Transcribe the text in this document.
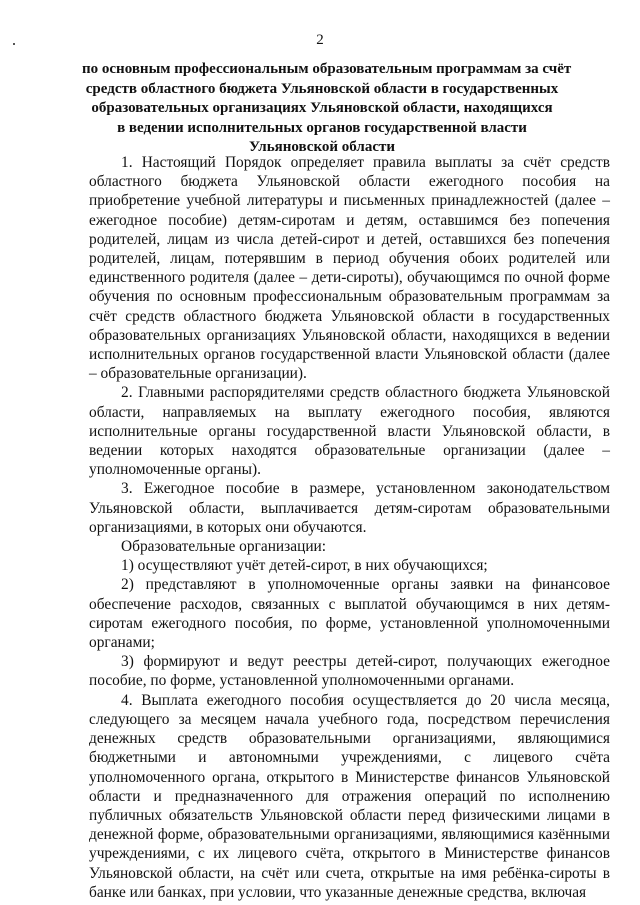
2
по основным профессиональным образовательным программам за счёт
средств областного бюджета Ульяновской области в государственных
образовательных организациях Ульяновской области, находящихся
в ведении исполнительных органов государственной власти
Ульяновской области

1. Настоящий Порядок определяет правила выплаты за счёт средств областного бюджета Ульяновской области ежегодного пособия на приобретение учебной литературы и письменных принадлежностей (далее – ежегодное пособие) детям-сиротам и детям, оставшимся без попечения родителей, лицам из числа детей-сирот и детей, оставшихся без попечения родителей, лицам, потерявшим в период обучения обоих родителей или единственного родителя (далее – дети-сироты), обучающимся по очной форме обучения по основным профессиональным образовательным программам за счёт средств областного бюджета Ульяновской области в государственных образовательных организациях Ульяновской области, находящихся в ведении исполнительных органов государственной власти Ульяновской области (далее – образовательные организации).

2. Главными распорядителями средств областного бюджета Ульяновской области, направляемых на выплату ежегодного пособия, являются исполнительные органы государственной власти Ульяновской области, в ведении которых находятся образовательные организации (далее – уполномоченные органы).

3. Ежегодное пособие в размере, установленном законодательством Ульяновской области, выплачивается детям-сиротам образовательными организациями, в которых они обучаются.

Образовательные организации:

1) осуществляют учёт детей-сирот, в них обучающихся;

2) представляют в уполномоченные органы заявки на финансовое обеспечение расходов, связанных с выплатой обучающимся в них детям-сиротам ежегодного пособия, по форме, установленной уполномоченными органами;

3) формируют и ведут реестры детей-сирот, получающих ежегодное пособие, по форме, установленной уполномоченными органами.

4. Выплата ежегодного пособия осуществляется до 20 числа месяца, следующего за месяцем начала учебного года, посредством перечисления денежных средств образовательными организациями, являющимися бюджетными и автономными учреждениями, с лицевого счёта уполномоченного органа, открытого в Министерстве финансов Ульяновской области и предназначенного для отражения операций по исполнению публичных обязательств Ульяновской области перед физическими лицами в денежной форме, образовательными организациями, являющимися казёнными учреждениями, с их лицевого счёта, открытого в Министерстве финансов Ульяновской области, на счёт или счета, открытые на имя ребёнка-сироты в банке или банках, при условии, что указанные денежные средства, включая
